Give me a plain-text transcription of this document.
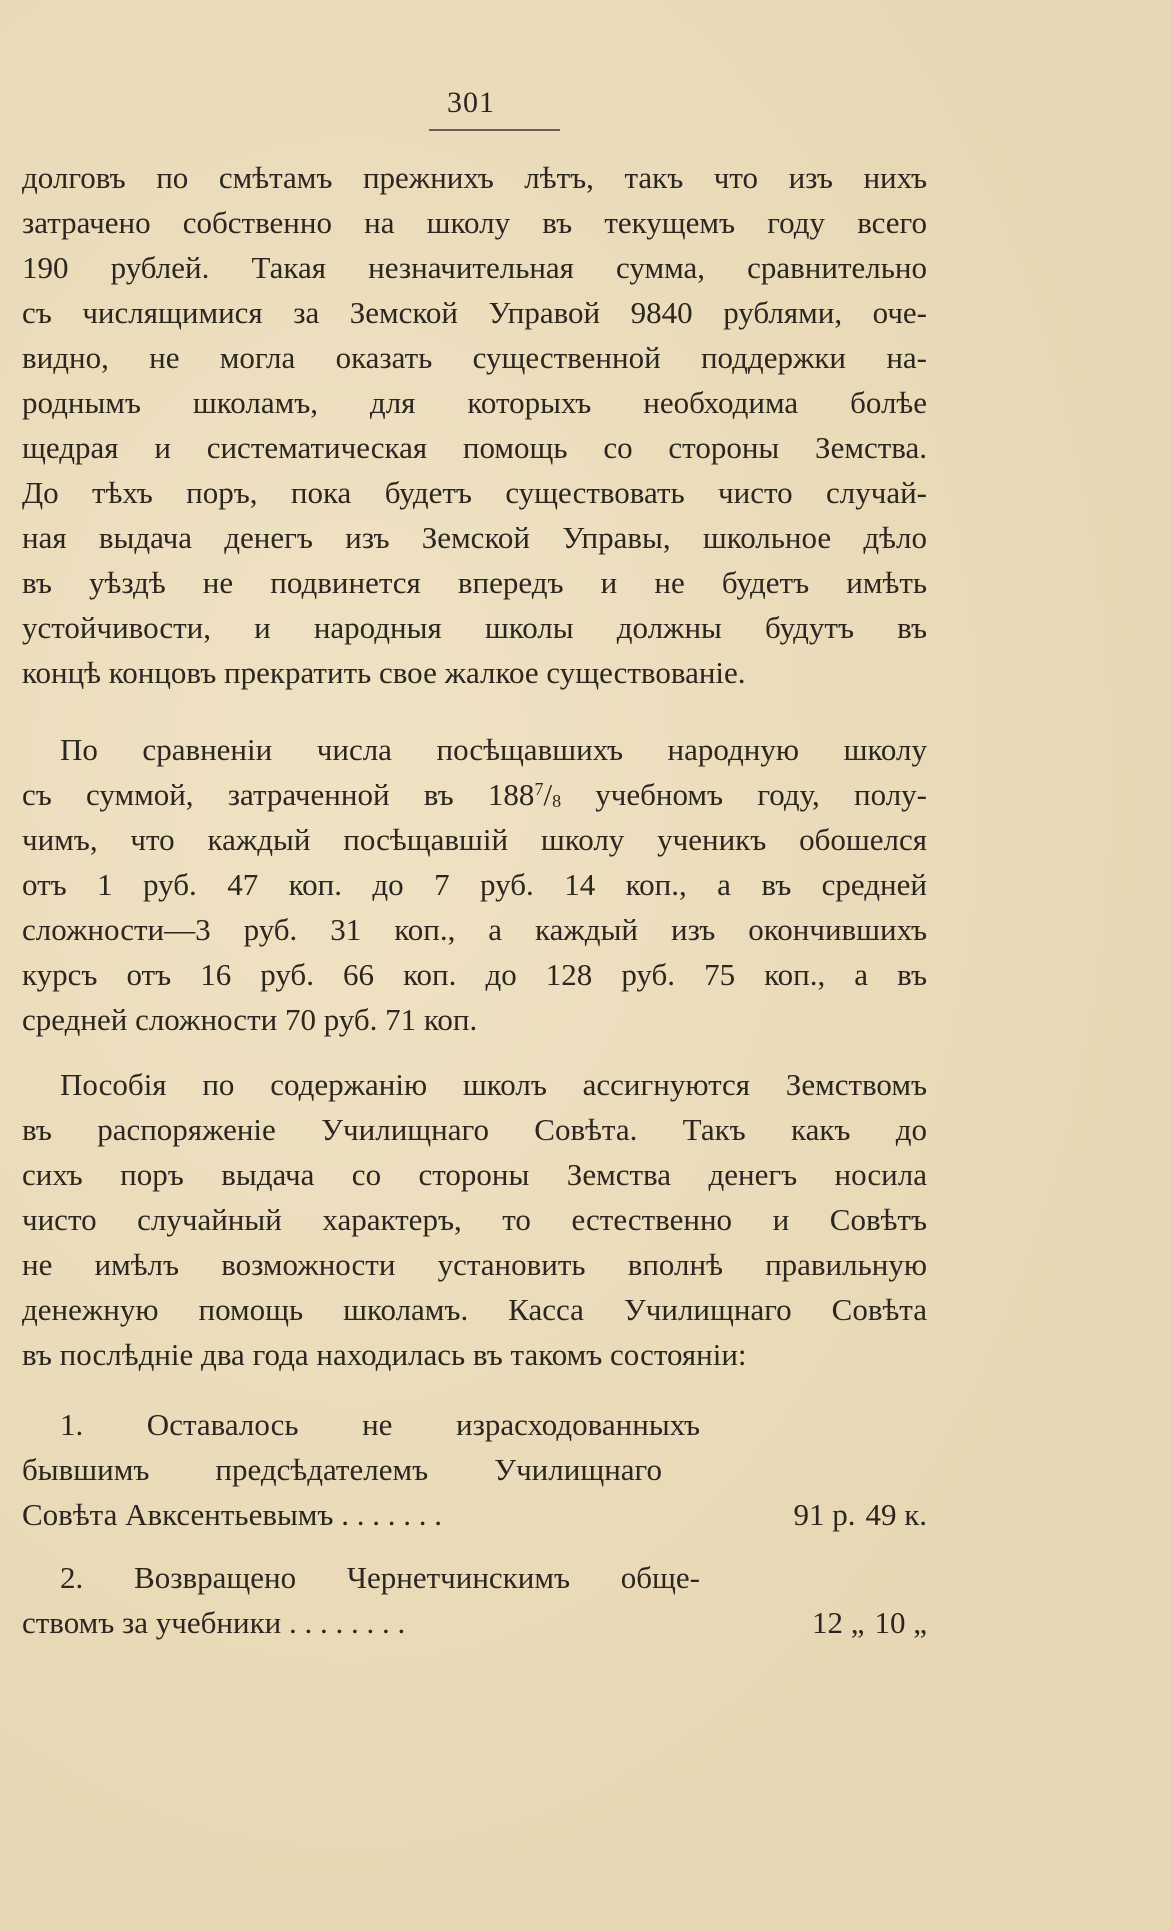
301
долговъ по смѣтамъ прежнихъ лѣтъ, такъ что изъ нихъ
затрачено собственно на школу въ текущемъ году всего
190 рублей. Такая незначительная сумма, сравнительно
съ числящимися за Земской Управой 9840 рублями, оче-
видно, не могла оказать существенной поддержки на-
роднымъ школамъ, для которыхъ необходима болѣе
щедрая и систематическая помощь со стороны Земства.
До тѣхъ поръ, пока будетъ существовать чисто случай-
ная выдача денегъ изъ Земской Управы, школьное дѣло
въ уѣздѣ не подвинется впередъ и не будетъ имѣть
устойчивости, и народныя школы должны будутъ въ
концѣ концовъ прекратить свое жалкое существованіе.
По сравненіи числа посѣщавшихъ народную школу
съ суммой, затраченной въ $188^7/_8$ учебномъ году, полу-
чимъ, что каждый посѣщавшій школу ученикъ обошелся
отъ 1 руб. 47 коп. до 7 руб. 14 коп., а въ средней
сложности—3 руб. 31 коп., а каждый изъ окончившихъ
курсъ отъ 16 руб. 66 коп. до 128 руб. 75 коп., а въ
средней сложности 70 руб. 71 коп.
Пособія по содержанію школъ ассигнуются Земствомъ
въ распоряженіе Училищнаго Совѣта. Такъ какъ до
сихъ поръ выдача со стороны Земства денегъ носила
чисто случайный характеръ, то естественно и Совѣтъ
не имѣлъ возможности установить вполнѣ правильную
денежную помощь школамъ. Касса Училищнаго Совѣта
въ послѣдніе два года находилась въ такомъ состояніи:
1. Оставалось не израсходованныхъ
бывшимъ предсѣдателемъ Училищнаго
Совѣта Авксентьевымъ . . . . . . .	91 р. 49 к.
2. Возвращено Чернетчинскимъ обще-
ствомъ за учебники . . . . . . . .	12 „ 10 „
